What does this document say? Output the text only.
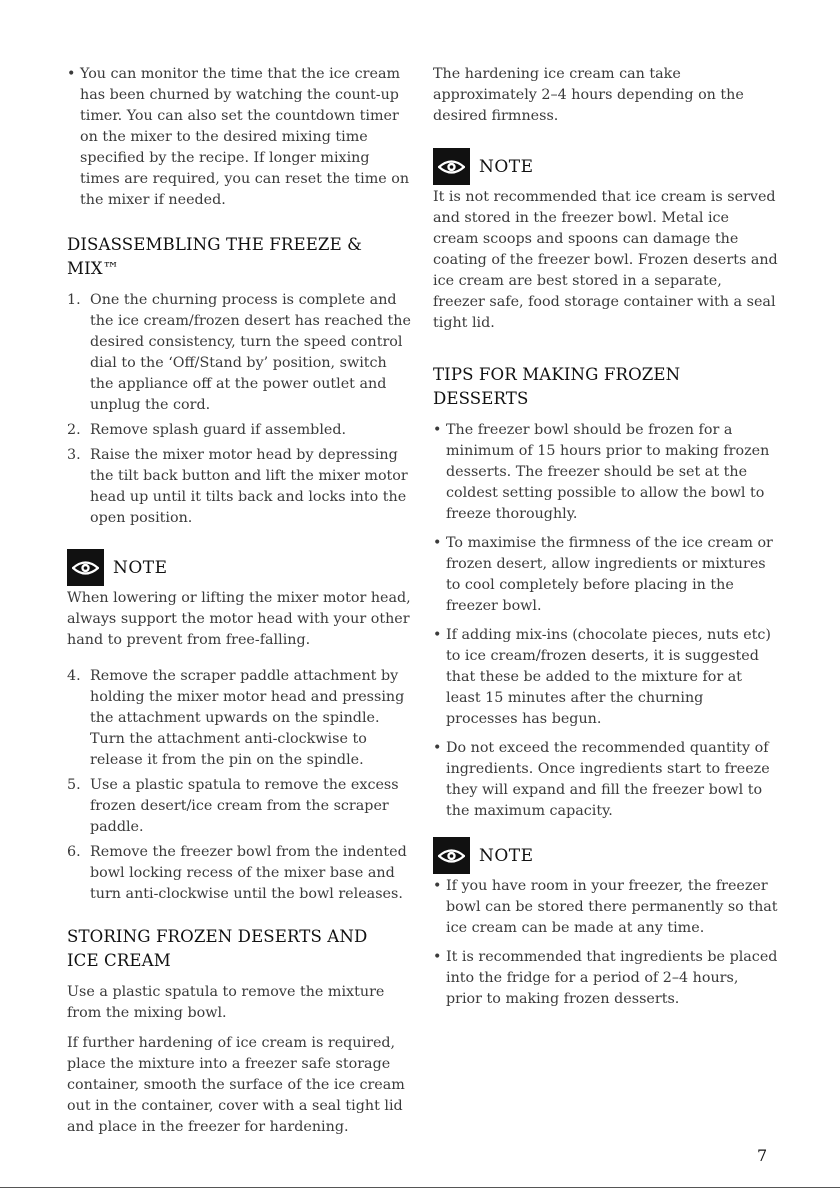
• You can monitor the time that the ice cream has been churned by watching the count-up timer. You can also set the countdown timer on the mixer to the desired mixing time specified by the recipe. If longer mixing times are required, you can reset the time on the mixer if needed.
DISASSEMBLING THE FREEZE & MIX™
1. One the churning process is complete and the ice cream/frozen desert has reached the desired consistency, turn the speed control dial to the ‘Off/Stand by’ position, switch the appliance off at the power outlet and unplug the cord.
2. Remove splash guard if assembled.
3. Raise the mixer motor head by depressing the tilt back button and lift the mixer motor head up until it tilts back and locks into the open position.
NOTE

When lowering or lifting the mixer motor head, always support the motor head with your other hand to prevent from free-falling.

4. Remove the scraper paddle attachment by holding the mixer motor head and pressing the attachment upwards on the spindle. Turn the attachment anti-clockwise to release it from the pin on the spindle.
5. Use a plastic spatula to remove the excess frozen desert/ice cream from the scraper paddle.
6. Remove the freezer bowl from the indented bowl locking recess of the mixer base and turn anti-clockwise until the bowl releases.
STORING FROZEN DESERTS AND
ICE CREAM

Use a plastic spatula to remove the mixture from the mixing bowl.

If further hardening of ice cream is required, place the mixture into a freezer safe storage container, smooth the surface of the ice cream out in the container, cover with a seal tight lid and place in the freezer for hardening.

The hardening ice cream can take approximately 2–4 hours depending on the desired firmness.

NOTE

It is not recommended that ice cream is served and stored in the freezer bowl. Metal ice cream scoops and spoons can damage the coating of the freezer bowl. Frozen deserts and ice cream are best stored in a separate, freezer safe, food storage container with a seal tight lid.

TIPS FOR MAKING FROZEN DESSERTS
• The freezer bowl should be frozen for a minimum of 15 hours prior to making frozen desserts. The freezer should be set at the coldest setting possible to allow the bowl to freeze thoroughly.
• To maximise the firmness of the ice cream or frozen desert, allow ingredients or mixtures to cool completely before placing in the freezer bowl.
• If adding mix-ins (chocolate pieces, nuts etc) to ice cream/frozen deserts, it is suggested that these be added to the mixture for at least 15 minutes after the churning processes has begun.
• Do not exceed the recommended quantity of ingredients. Once ingredients start to freeze they will expand and fill the freezer bowl to the maximum capacity.
NOTE
• If you have room in your freezer, the freezer bowl can be stored there permanently so that ice cream can be made at any time.
• It is recommended that ingredients be placed into the fridge for a period of 2–4 hours, prior to making frozen desserts.
7
